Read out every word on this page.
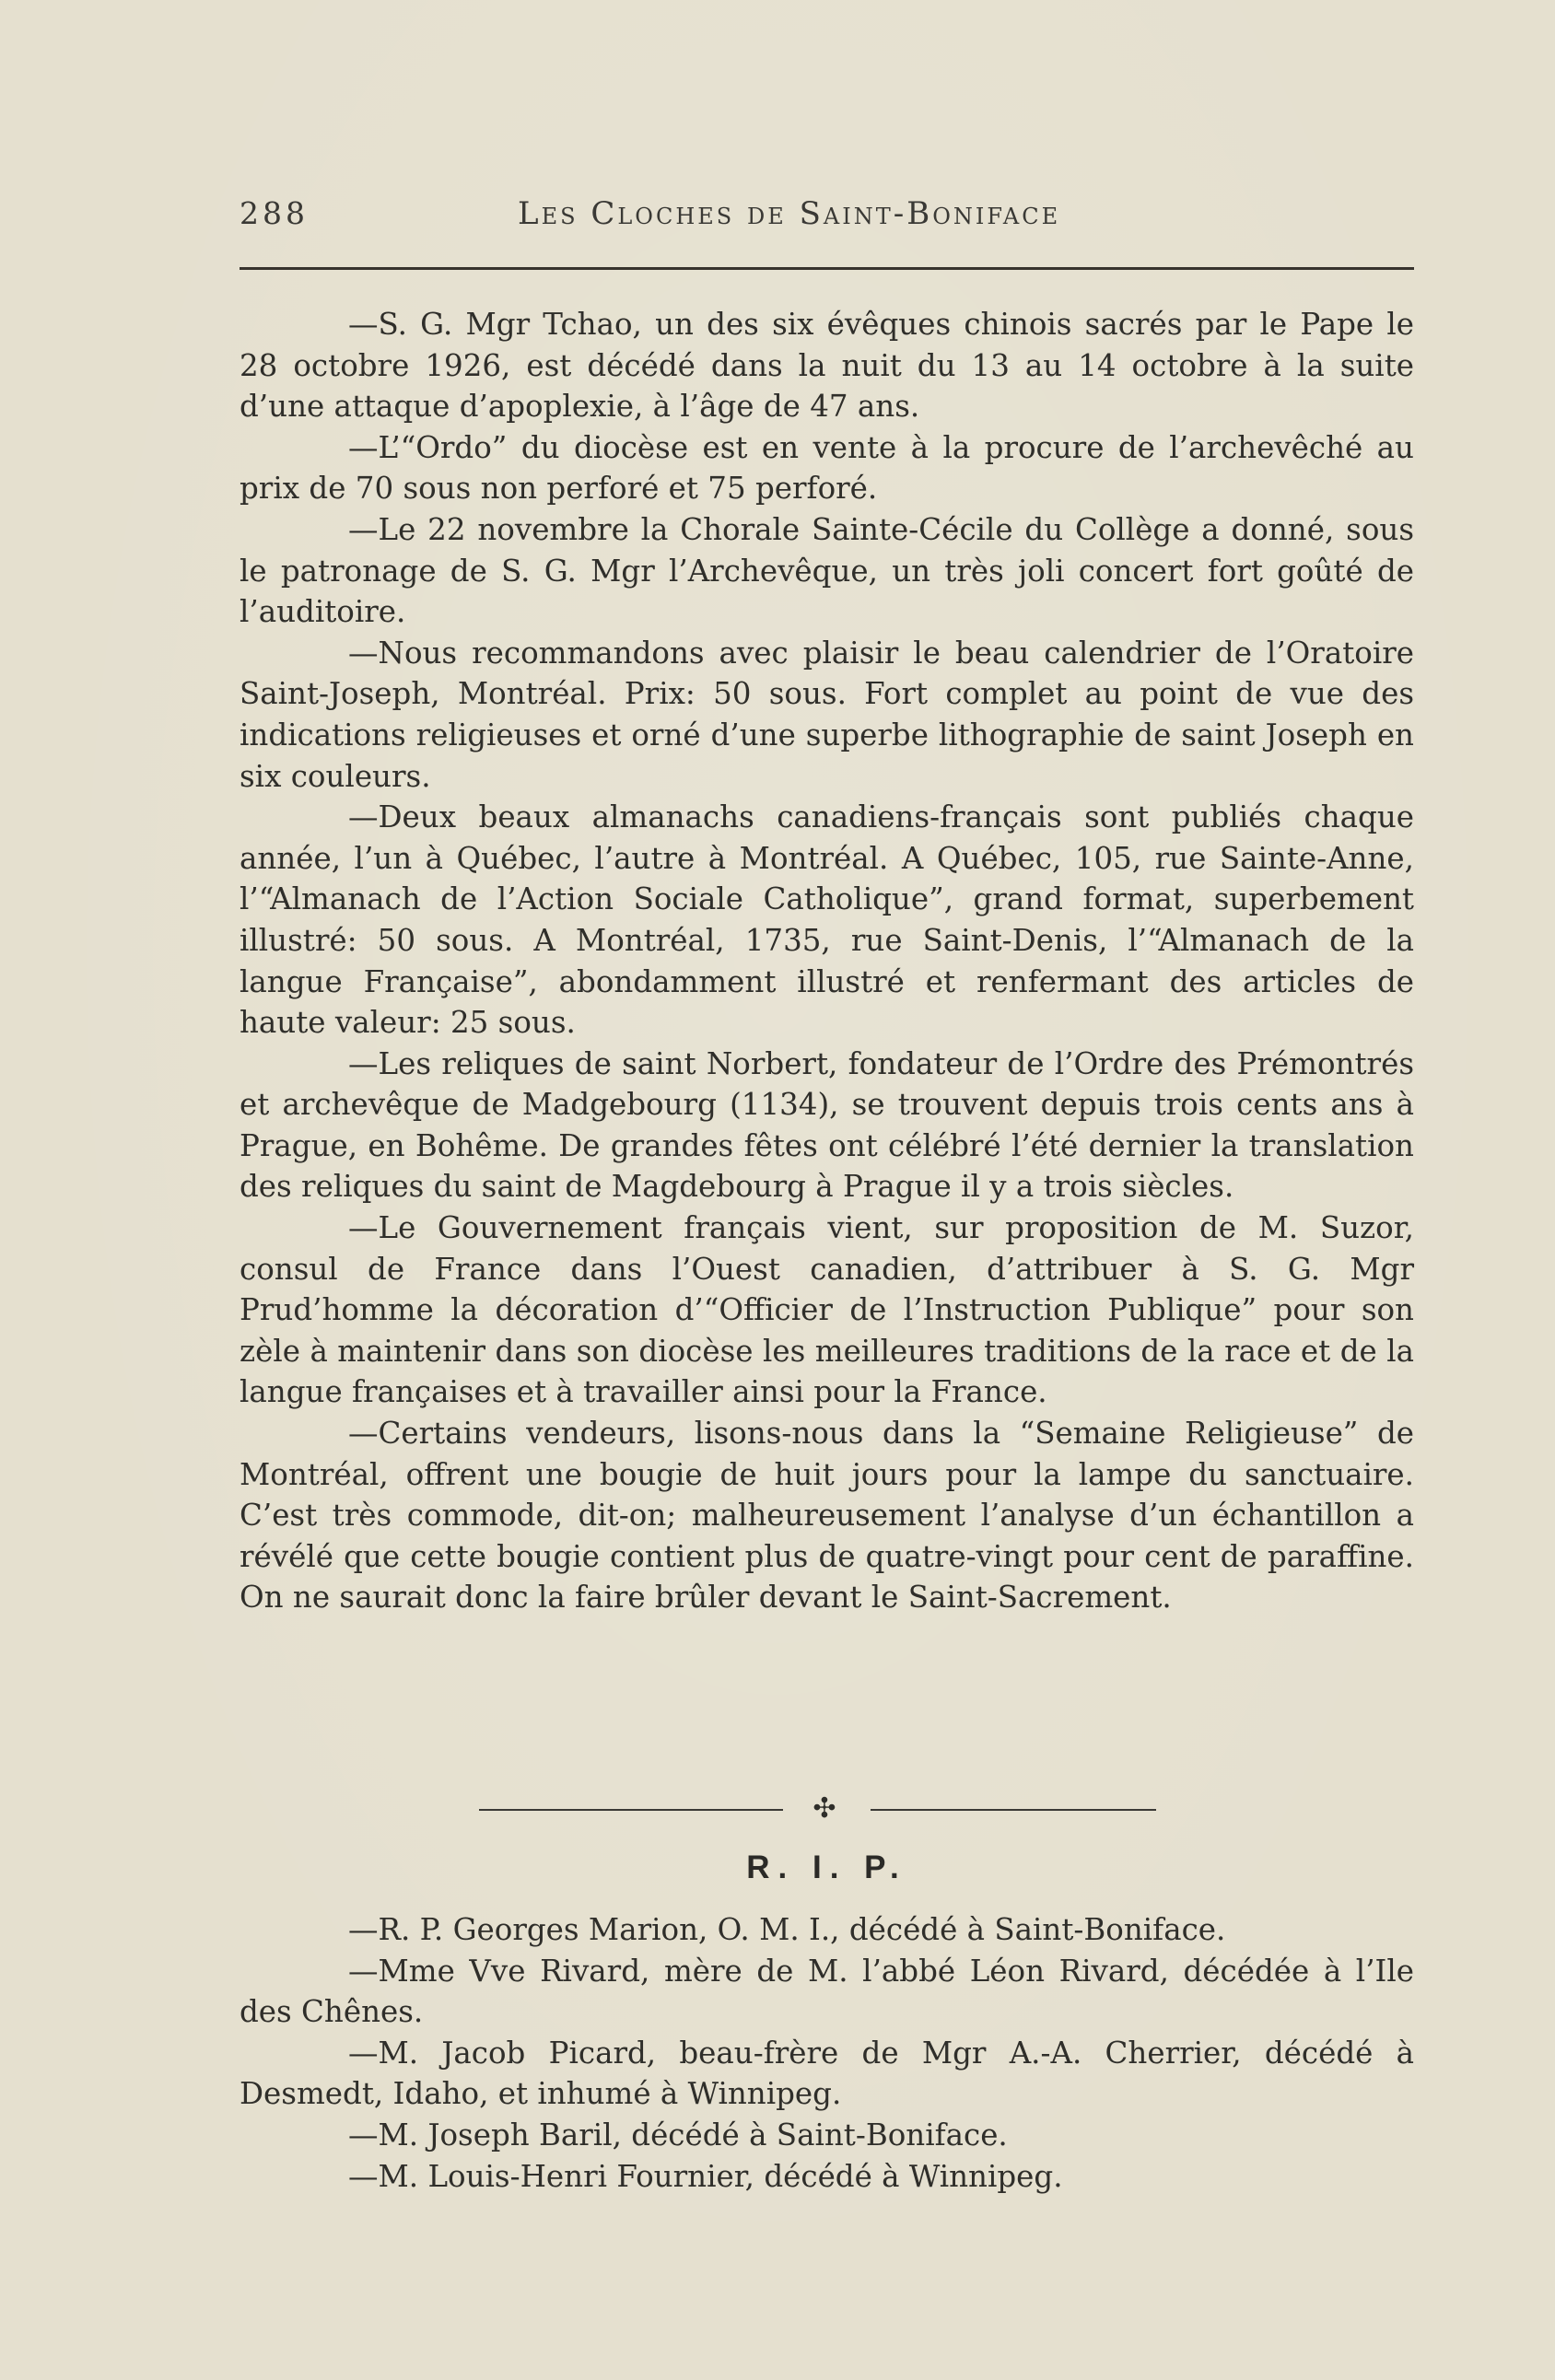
288	Les Cloches de Saint-Boniface

—S. G. Mgr Tchao, un des six évêques chinois sacrés par le Pape le 28 octobre 1926, est décédé dans la nuit du 13 au 14 octobre à la suite d’une attaque d’apoplexie, à l’âge de 47 ans.

—L’“Ordo” du diocèse est en vente à la procure de l’archevêché au prix de 70 sous non perforé et 75 perforé.

—Le 22 novembre la Chorale Sainte-Cécile du Collège a donné, sous le patronage de S. G. Mgr l’Archevêque, un très joli concert fort goûté de l’auditoire.

—Nous recommandons avec plaisir le beau calendrier de l’Oratoire Saint-Joseph, Montréal. Prix: 50 sous. Fort complet au point de vue des indications religieuses et orné d’une superbe lithographie de saint Joseph en six couleurs.

—Deux beaux almanachs canadiens-français sont publiés chaque année, l’un à Québec, l’autre à Montréal. A Québec, 105, rue Sainte-Anne, l’“Almanach de l’Action Sociale Catholique”, grand format, superbement illustré: 50 sous. A Montréal, 1735, rue Saint-Denis, l’“Almanach de la langue Française”, abondamment illustré et renfermant des articles de haute valeur: 25 sous.

—Les reliques de saint Norbert, fondateur de l’Ordre des Prémontrés et archevêque de Madgebourg (1134), se trouvent depuis trois cents ans à Prague, en Bohême. De grandes fêtes ont célébré l’été dernier la translation des reliques du saint de Magdebourg à Prague il y a trois siècles.

—Le Gouvernement français vient, sur proposition de M. Suzor, consul de France dans l’Ouest canadien, d’attribuer à S. G. Mgr Prud’homme la décoration d’“Officier de l’Instruction Publique” pour son zèle à maintenir dans son diocèse les meilleures traditions de la race et de la langue françaises et à travailler ainsi pour la France.

—Certains vendeurs, lisons-nous dans la “Semaine Religieuse” de Montréal, offrent une bougie de huit jours pour la lampe du sanctuaire. C’est très commode, dit-on; malheureusement l’analyse d’un échantillon a révélé que cette bougie contient plus de quatre-vingt pour cent de paraffine. On ne saurait donc la faire brûler devant le Saint-Sacrement.

✣
R. I. P.

—R. P. Georges Marion, O. M. I., décédé à Saint-Boniface.

—Mme Vve Rivard, mère de M. l’abbé Léon Rivard, décédée à l’Ile des Chênes.

—M. Jacob Picard, beau-frère de Mgr A.-A. Cherrier, décédé à Desmedt, Idaho, et inhumé à Winnipeg.

—M. Joseph Baril, décédé à Saint-Boniface.

—M. Louis-Henri Fournier, décédé à Winnipeg.
